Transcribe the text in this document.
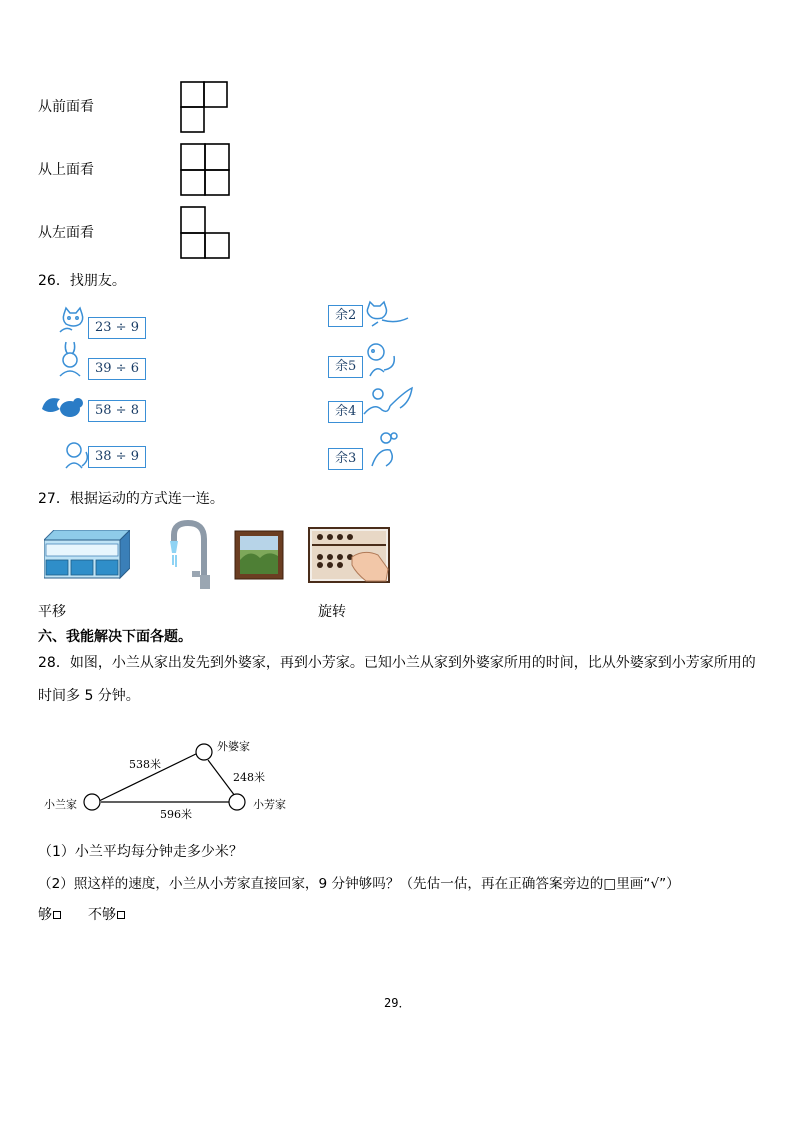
从前面看
从上面看
从左面看
26．找朋友。
23 ÷ 9
39 ÷ 6
58 ÷ 8
38 ÷ 9
余2
余5
余4
余3
27．根据运动的方式连一连。
平移	旋转
六、我能解决下面各题。
28．如图，小兰从家出发先到外婆家，再到小芳家。已知小兰从家到外婆家所用的时间，比从外婆家到小芳家所用的
时间多 5 分钟。
外婆家
小兰家	小芳家
538米
248米
596米
（1）小兰平均每分钟走多少米？
（2）照这样的速度，小兰从小芳家直接回家，9 分钟够吗？（先估一估，再在正确答案旁边的□里画“√”）
够	不够
29．
